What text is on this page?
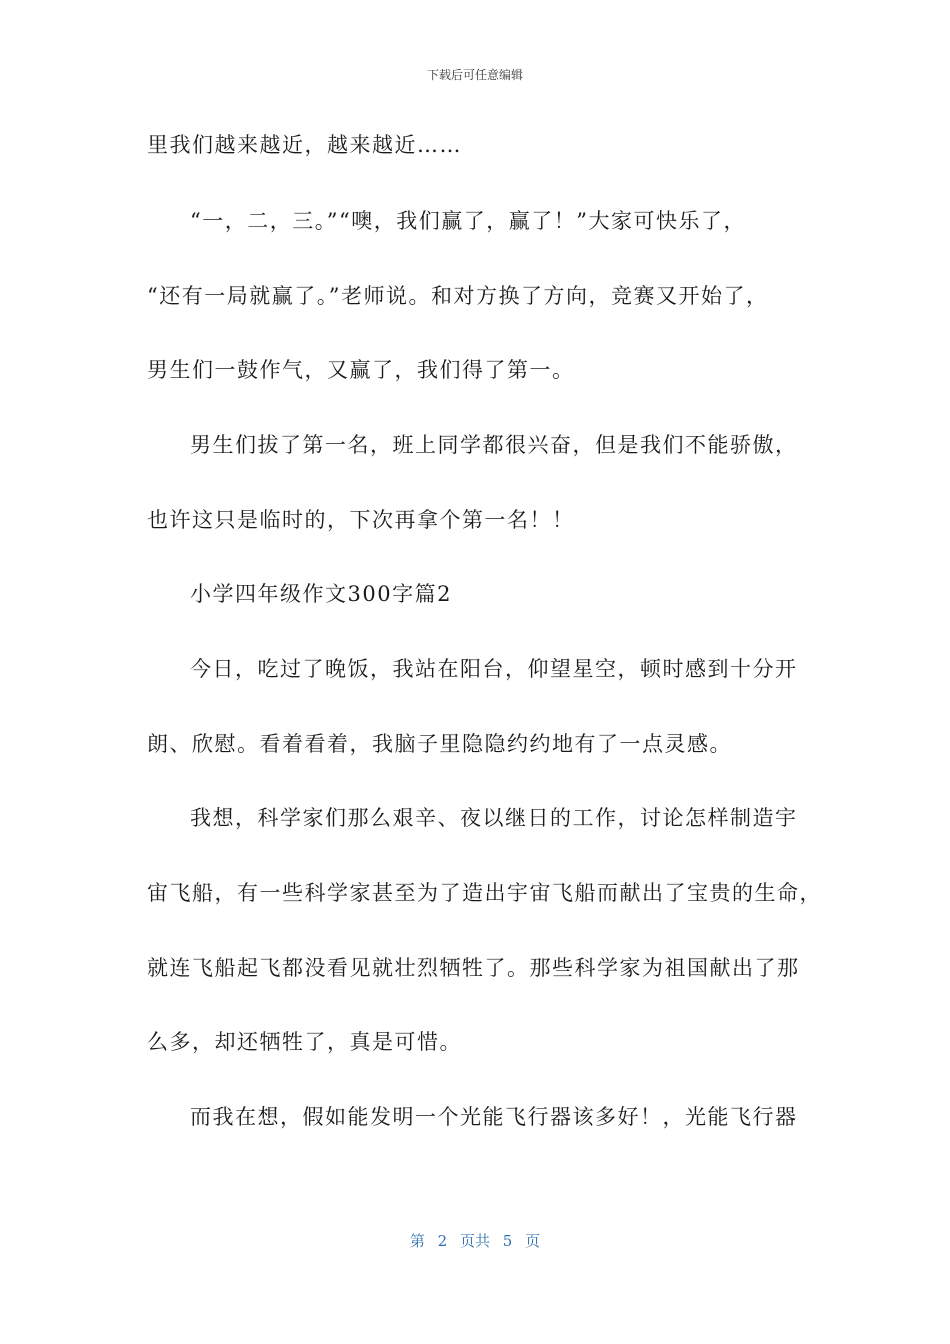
下载后可任意编辑
里我们越来越近，越来越近……
“一，二，三。”“噢，我们赢了，赢了！”大家可快乐了，
“还有一局就赢了。”老师说。和对方换了方向，竞赛又开始了，
男生们一鼓作气，又赢了，我们得了第一。
男生们拔了第一名，班上同学都很兴奋，但是我们不能骄傲，
也许这只是临时的，下次再拿个第一名！！
小学四年级作文300字篇2
今日，吃过了晚饭，我站在阳台，仰望星空，顿时感到十分开
朗、欣慰。看着看着，我脑子里隐隐约约地有了一点灵感。
我想，科学家们那么艰辛、夜以继日的工作，讨论怎样制造宇
宙飞船，有一些科学家甚至为了造出宇宙飞船而献出了宝贵的生命，
就连飞船起飞都没看见就壮烈牺牲了。那些科学家为祖国献出了那
么多，却还牺牲了，真是可惜。
而我在想，假如能发明一个光能飞行器该多好！，光能飞行器
第 2 页共 5 页
